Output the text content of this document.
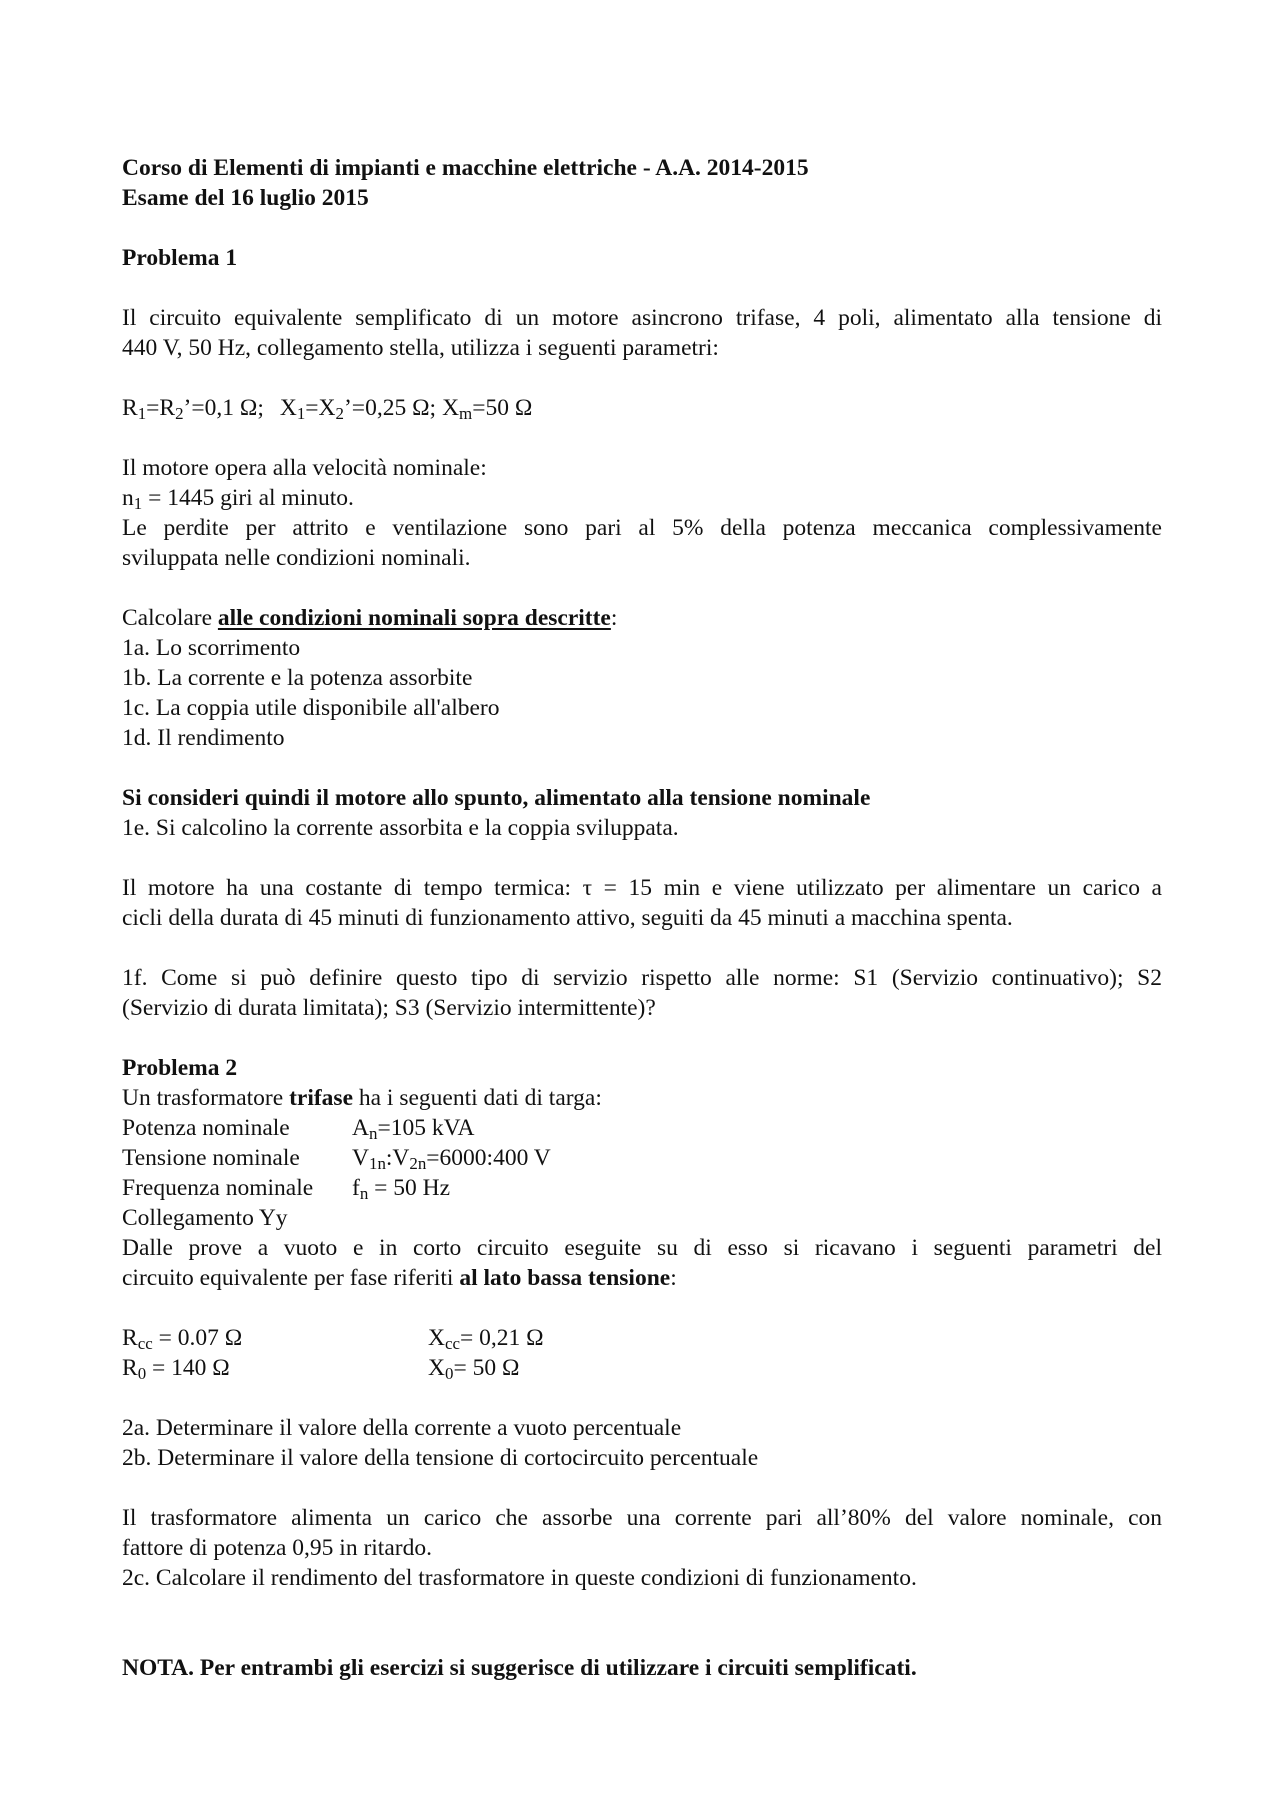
Corso di Elementi di impianti e macchine elettriche - A.A. 2014-2015
Esame del 16 luglio 2015
Problema 1
Il circuito equivalente semplificato di un motore asincrono trifase, 4 poli, alimentato alla tensione di
440 V, 50 Hz, collegamento stella, utilizza i seguenti parametri:
$R_1=R_2’=0,1$ Ω; $X_1=X_2’=0,25$ Ω; $X_m=50$ Ω
Il motore opera alla velocità nominale:
$n_1 = 1445$ giri al minuto.
Le perdite per attrito e ventilazione sono pari al 5% della potenza meccanica complessivamente
sviluppata nelle condizioni nominali.
Calcolare alle condizioni nominali sopra descritte:
1a. Lo scorrimento
1b. La corrente e la potenza assorbite
1c. La coppia utile disponibile all'albero
1d. Il rendimento
Si consideri quindi il motore allo spunto, alimentato alla tensione nominale
1e. Si calcolino la corrente assorbita e la coppia sviluppata.
Il motore ha una costante di tempo termica: τ = 15 min e viene utilizzato per alimentare un carico a
cicli della durata di 45 minuti di funzionamento attivo, seguiti da 45 minuti a macchina spenta.
1f. Come si può definire questo tipo di servizio rispetto alle norme: S1 (Servizio continuativo); S2
(Servizio di durata limitata); S3 (Servizio intermittente)?
Problema 2
Un trasformatore trifase ha i seguenti dati di targa:
Potenza nominale	$A_n=105$ kVA
Tensione nominale	$V_{1n}:V_{2n}=6000:400$ V
Frequenza nominale	$f_n = 50$ Hz
Collegamento Yy
Dalle prove a vuoto e in corto circuito eseguite su di esso si ricavano i seguenti parametri del
circuito equivalente per fase riferiti al lato bassa tensione:
$R_{cc} = 0.07$ Ω	$X_{cc}= 0,21$ Ω
$R_0 = 140$ Ω	$X_0= 50$ Ω
2a. Determinare il valore della corrente a vuoto percentuale
2b. Determinare il valore della tensione di cortocircuito percentuale
Il trasformatore alimenta un carico che assorbe una corrente pari all’80% del valore nominale, con
fattore di potenza 0,95 in ritardo.
2c. Calcolare il rendimento del trasformatore in queste condizioni di funzionamento.
NOTA. Per entrambi gli esercizi si suggerisce di utilizzare i circuiti semplificati.
